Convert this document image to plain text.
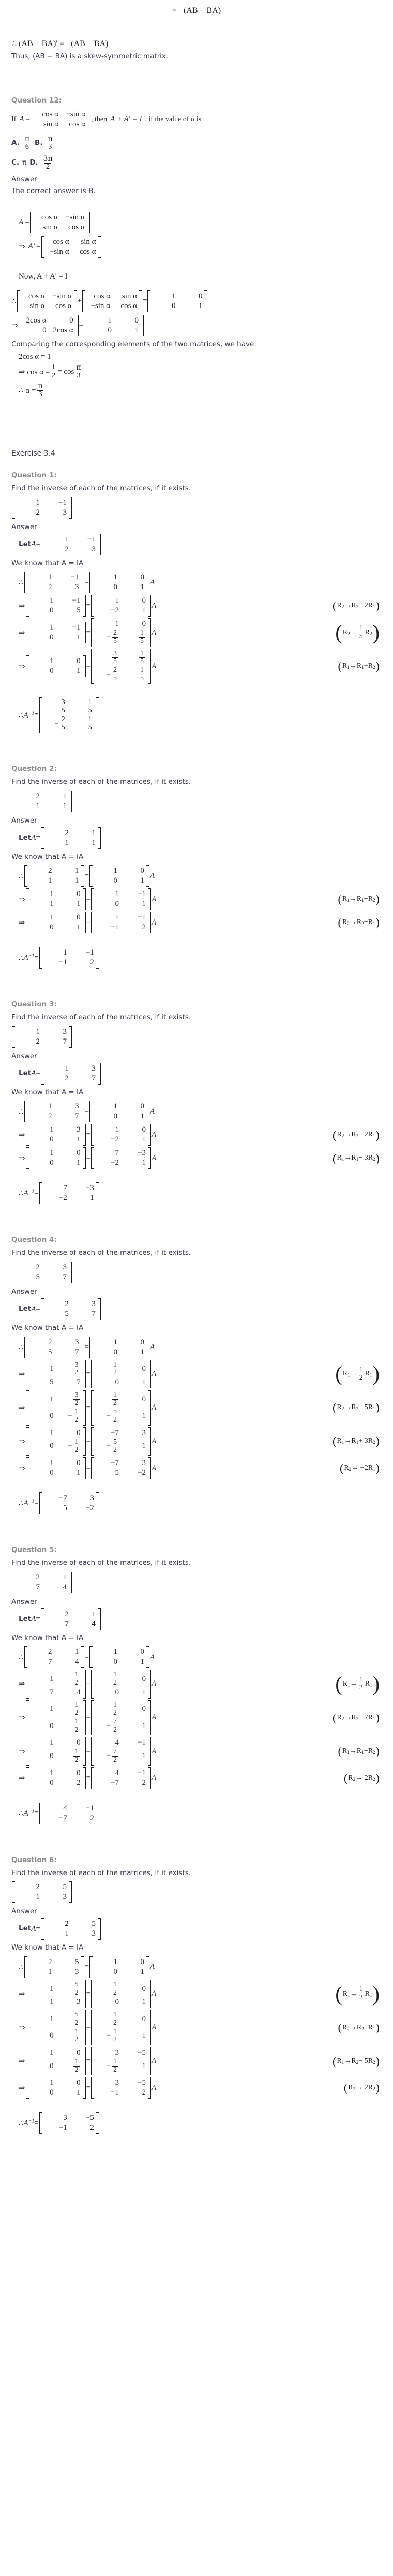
= −(AB − BA)
∴ (AB − BA)' = −(AB − BA)
Thus, (AB − BA) is a skew-symmetric matrix.
Question 12:
If A =
cos α −sin α
sin α	cos α
, then A + A' = I , if the value of α is
A. $\frac{\pi}{6} B$. $\frac{\pi}{3}$
C. π D. $\frac{3\pi}{2}$
Answer
The correct answer is B.
A =
cos α −sin α
sin α	cos α
⇒ A′ =
cos α	sin α
−sin α	cos α
Now, A + A' = I
∴
cos α −sin α
sin α	cos α
+
cos α	sin α
−sin α	cos α
=
1	0
0	1
⇒
2cos α	0
0 2cos α
=
1	0
0	1
Comparing the corresponding elements of the two matrices, we have:
2cos α = 1
⇒ $\cos \alpha = \frac{1}{2} = \cos \frac{\pi}{3}$
∴ $\alpha = \frac{\pi}{3}$
Exercise 3.4
Question 1:
Find the inverse of each of the matrices, if it exists.
1	−1
2	3
Answer
Let A =
1	−1
2	3
We know that A = IA
∴
1	−1
2	3
=
1	0
0	1
A
⇒
1	−1
0	5
=
1	0
−2	1
A	( $R_2 \to R_2 - 2$ $R_1$ )
⇒
1	−1
0	1
=
1	0
− $\frac{2}{5}$	$\frac{1}{5}$ A	( $R_2 \to \frac{1}{5} R_2$ )
⇒
1	0
0	1
=
$\frac{3}{5}$	$\frac{1}{5}$
− $\frac{2}{5}$	$\frac{1}{5}$
A	( $R_1 \to R_1 + R_2$ )
∴ $A^{-1}$ =
$\frac{3}{5}$	$\frac{1}{5}$
− $\frac{2}{5}$	$\frac{1}{5}$
Question 2:
Find the inverse of each of the matrices, if it exists.
2	1
1	1
Answer
Let A =
2	1
1	1
We know that A = IA
∴
2	1
1	1
=
1	0
0	1
A
⇒
1	0
1	1
=
1	−1
0	1
A	( $R_1 \to R_1 - R_2$ )
⇒
1	0
0	1
=
1	−1
−1	2
A	( $R_2 \to R_2 - R_1$ )
∴ $A^{-1}$ =
1	−1
−1	2
Question 3:
Find the inverse of each of the matrices, if it exists.
1	3
2	7
Answer
Let A =
1	3
2	7
We know that A = IA
∴
1	3
2	7
=
1	0
0	1
A
⇒
1	3
0	1
=
1	0
−2	1
A	( $R_2 \to R_2 - 2$ $R_1$ )
⇒
1	0
0	1
=
7	−3
−2	1
A	( $R_1 \to R_1 - 3$ $R_2$ )
∴ $A^{-1}$ =
7	−3
−2	1
Question 4:
Find the inverse of each of the matrices, if it exists.
2	3
5	7
Answer
Let A =
2	3
5	7
We know that A = IA
∴
2	3
5	7
=
1	0
0	1
A
⇒
1	$\frac{3}{2}$
5	7
=	$\frac{1}{2}$	0
0	1
A	( $R_1 \to \frac{1}{2} R_1$ )
⇒
1	$\frac{3}{2}$
$0 - \frac{1}{2}$
=
$\frac{1}{2}$	0
− $\frac{5}{2}$	1
A	( $R_2 \to R_2 - 5$ $R_1$ )
⇒
1	0
$0 - \frac{1}{2}$ =
−7	3
− $\frac{5}{2}$	1
A	( $R_1 \to R_1 + 3$ $R_2$ )
⇒
1	0
0	1
=
−7	3
5	−2
A	( $R_2 \to -2$ $R_1$ )
∴ $A^{-1}$ =
−7	3
5	−2
Question 5:
Find the inverse of each of the matrices, if it exists.
2	1
7	4
Answer
Let A =
2	1
7	4
We know that A = IA
∴
2	1
7	4
=
1	0
0	1
A
⇒
1	$\frac{1}{2}$
7	4
=	$\frac{1}{2}$	0
0	1
A	( $R_1 \to \frac{1}{2} R_1$ )
⇒
1	$\frac{1}{2}$
0	$\frac{1}{2}$
=
$\frac{1}{2}$	0
− $\frac{7}{2}$	1
A	( $R_2 \to R_2 - 7$ $R_1$ )
⇒
1	0
0	$\frac{1}{2}$ =
4	−1
− $\frac{7}{2}$	1
A	( $R_1 \to R_1 - R_2$ )
⇒
1	0
0	2
=
4	−1
−7	2
A	( $R_2 \to 2$ $R_2$ )
∴ $A^{-1}$ =
4	−1
−7	2
Question 6:
Find the inverse of each of the matrices, if it exists.
2	5
1	3
Answer
Let A =
2	5
1	3
We know that A = IA
∴
2	5
1	3
=
1	0
0	1
A
⇒
1	$\frac{5}{2}$
1	3
=	$\frac{1}{2}$	0
0	1
A	( $R_1 \to \frac{1}{2} R_1$ )
⇒
1	$\frac{5}{2}$
0	$\frac{1}{2}$
=
$\frac{1}{2}$	0
− $\frac{1}{2}$	1
A	( $R_2 \to R_2 - R_1$ )
⇒
1	0
0	$\frac{1}{2}$ =
3	−5
− $\frac{1}{2}$	1
A	( $R_1 \to R_2 - 5$ $R_2$ )
⇒
1	0
0	1
=
3	−5
−1	2
A	( $R_2 \to 2$ $R_2$ )
∴ $A^{-1}$ =
3	−5
−1	2
